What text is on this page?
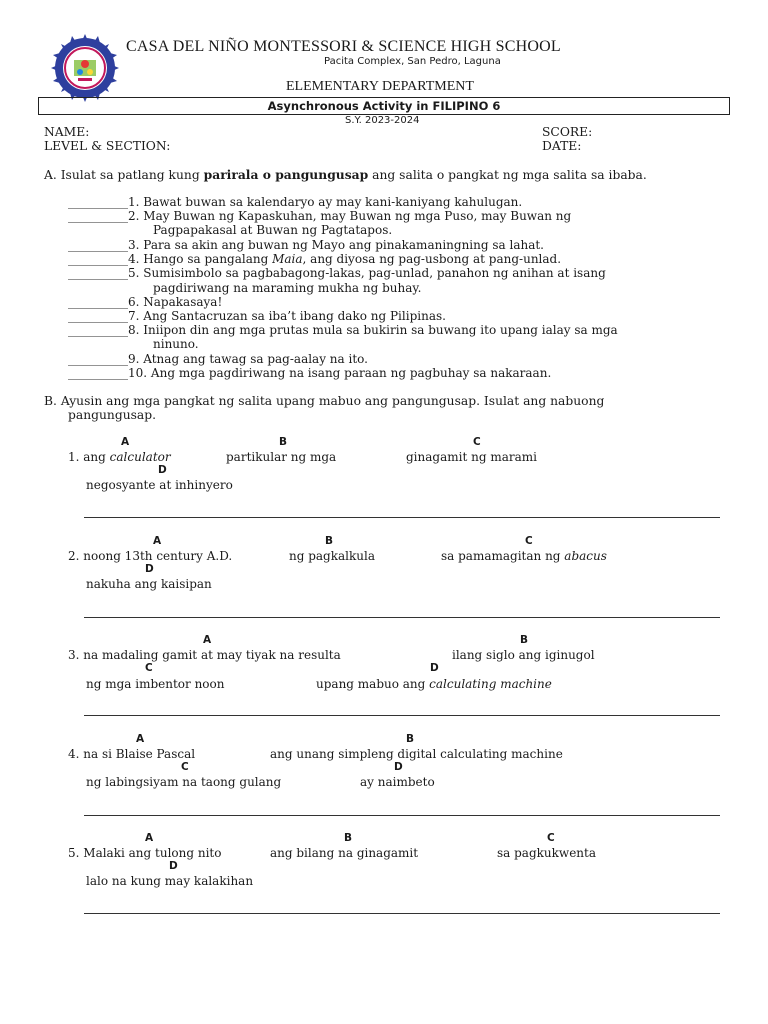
CASA DEL NIÑO MONTESSORI & SCIENCE HIGH SCHOOL
Pacita Complex, San Pedro, Laguna
ELEMENTARY DEPARTMENT
Asynchronous Activity in FILIPINO 6
S.Y. 2023-2024
NAME:
LEVEL & SECTION:
SCORE:
DATE:
A. Isulat sa patlang kung parirala o pangungusap ang salita o pangkat ng mga salita sa ibaba.
__________1. Bawat buwan sa kalendaryo ay may kani-kaniyang kahulugan.
__________2. May Buwan ng Kapaskuhan, may Buwan ng mga Puso, may Buwan ng
Pagpapakasal at Buwan ng Pagtatapos.
__________3. Para sa akin ang buwan ng Mayo ang pinakamaningning sa lahat.
__________4. Hango sa pangalang Maia, ang diyosa ng pag-usbong at pang-unlad.
__________5. Sumisimbolo sa pagbabagong-lakas, pag-unlad, panahon ng anihan at isang
pagdiriwang na maraming mukha ng buhay.
__________6. Napakasaya!
__________7. Ang Santacruzan sa iba’t ibang dako ng Pilipinas.
__________8. Iniipon din ang mga prutas mula sa bukirin sa buwang ito upang ialay sa mga
ninuno.
__________9. Atnag ang tawag sa pag-aalay na ito.
__________10. Ang mga pagdiriwang na isang paraan ng pagbuhay sa nakaraan.
B. Ayusin ang mga pangkat ng salita upang mabuo ang pangungusap. Isulat ang nabuong
pangungusap.
A	B	C
1. ang calculator	partikular ng mga	ginagamit ng marami
D
negosyante at inhinyero
A	B	C
2. noong 13th century A.D.	ng pagkalkula	sa pamamagitan ng abacus
D
nakuha ang kaisipan
A	B
3. na madaling gamit at may tiyak na resulta	ilang siglo ang iginugol
C	D
ng mga imbentor noon	upang mabuo ang calculating machine
A	B
4. na si Blaise Pascal	ang unang simpleng digital calculating machine
C	D
ng labingsiyam na taong gulang	ay naimbeto
A	B	C
5. Malaki ang tulong nito	ang bilang na ginagamit	sa pagkukwenta
D
lalo na kung may kalakihan
